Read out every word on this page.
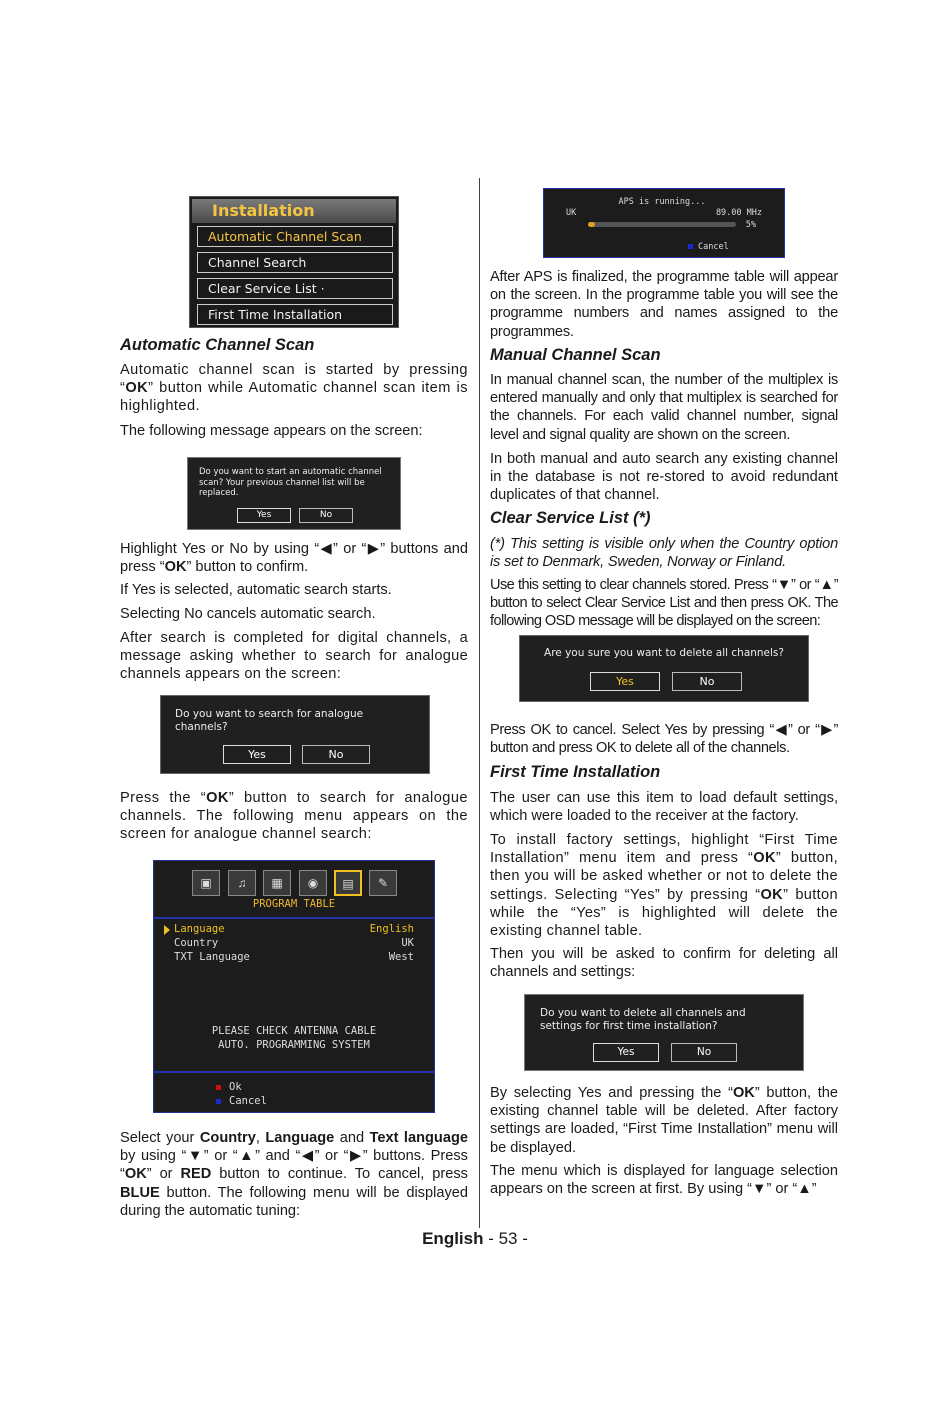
Installation
Automatic Channel Scan
Channel Search
Clear Service List ·
First Time Installation
Automatic Channel Scan

Automatic channel scan is started by pressing “OK” button while Automatic channel scan item is highlighted.

The following message appears on the screen:

Do you want to start an automatic channel scan? Your previous channel list will be replaced.
Yes	No

Highlight Yes or No by using “◀” or “▶” buttons and press “OK” button to confirm.

If Yes is selected, automatic search starts.

Selecting No cancels automatic search.

After search is completed for digital channels, a message asking whether to search for analogue channels appears on the screen:

Do you want to search for analogue channels?
Yes	No

Press the “OK” button to search for analogue channels. The following menu appears on the screen for analogue channel search:

▣	♫	▦	◉	▤	✎
PROGRAM TABLE
Language	English
Country	UK
TXT Language	West
PLEASE CHECK ANTENNA CABLE
AUTO. PROGRAMMING SYSTEM
Ok
Cancel

Select your Country, Language and Text language by using “▼” or “▲” and “◀” or “▶” buttons. Press “OK” or RED button to continue. To cancel, press BLUE button. The following menu will be displayed during the automatic tuning:

APS is running...
UK	89.00 MHz
5%
Cancel

After APS is finalized, the programme table will appear on the screen. In the programme table you will see the programme numbers and names assigned to the programmes.

Manual Channel Scan

In manual channel scan, the number of the multiplex is entered manually and only that multiplex is searched for the channels. For each valid channel number, signal level and signal quality are shown on the screen.

In both manual and auto search any existing channel in the database is not re-stored to avoid redundant duplicates of that channel.

Clear Service List (*)

(*) This setting is visible only when the Country option is set to Denmark, Sweden, Norway or Finland.

Use this setting to clear channels stored. Press “▼” or “▲” button to select Clear Service List and then press OK. The following OSD message will be displayed on the screen:

Are you sure you want to delete all channels?
Yes	No

Press OK to cancel. Select Yes by pressing “◀” or “▶” button and press OK to delete all of the channels.

First Time Installation

The user can use this item to load default settings, which were loaded to the receiver at the factory.

To install factory settings, highlight “First Time Installation” menu item and press “OK” button, then you will be asked whether or not to delete the settings. Selecting “Yes” by pressing “OK” button while the “Yes” is highlighted will delete the existing channel table.

Then you will be asked to confirm for deleting all channels and settings:

Do you want to delete all channels and settings for first time installation?
Yes	No

By selecting Yes and pressing the “OK” button, the existing channel table will be deleted. After factory settings are loaded, “First Time Installation” menu will be displayed.

The menu which is displayed for language selection appears on the screen at first. By using “▼” or “▲”

English - 53 -
